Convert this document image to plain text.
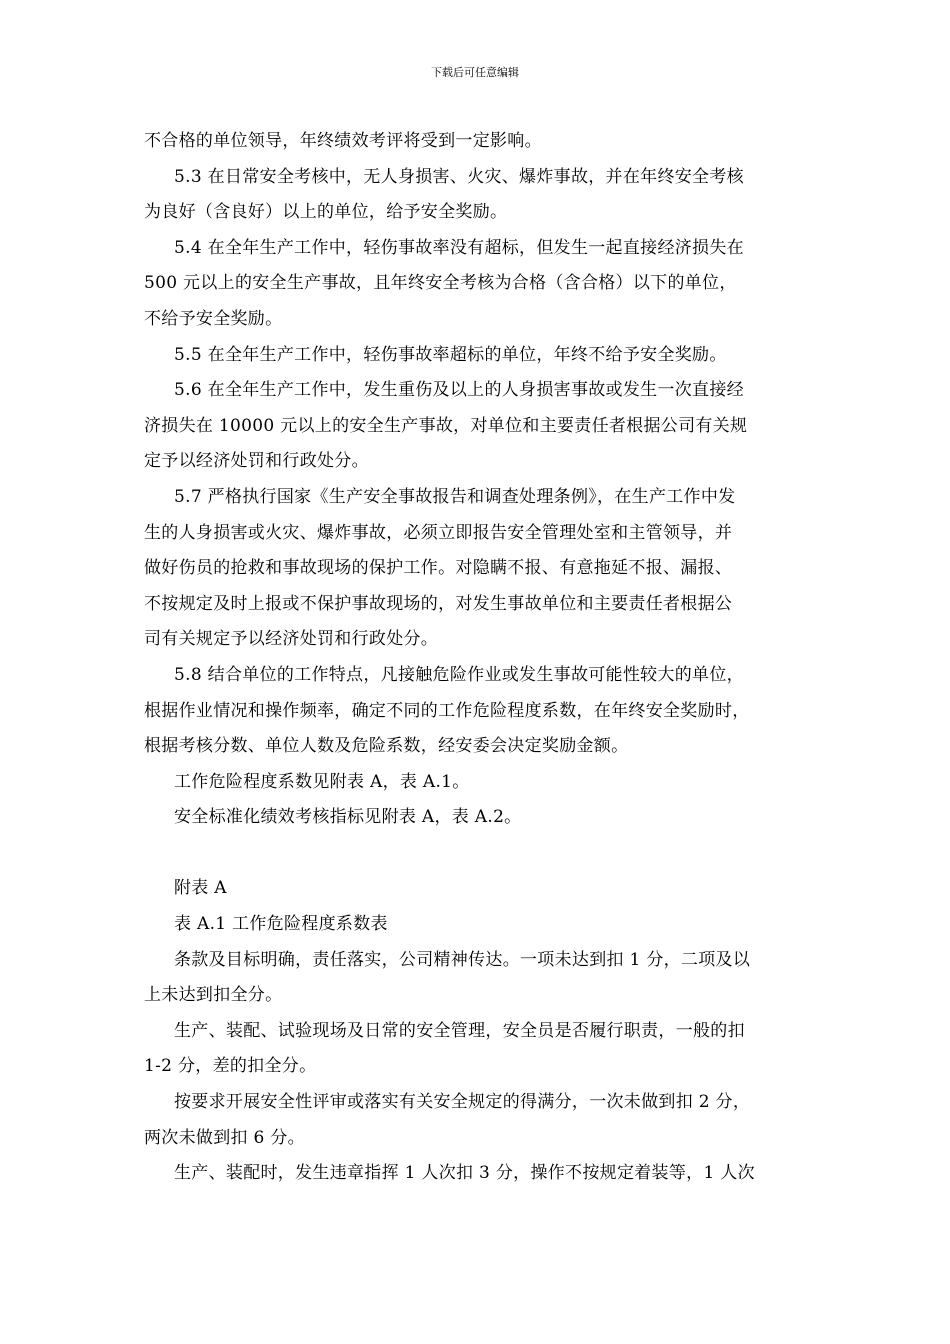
下载后可任意编辑

不合格的单位领导，年终绩效考评将受到一定影响。

5.3 在日常安全考核中，无人身损害、火灾、爆炸事故，并在年终安全考核

为良好（含良好）以上的单位，给予安全奖励。

5.4 在全年生产工作中，轻伤事故率没有超标，但发生一起直接经济损失在

500 元以上的安全生产事故，且年终安全考核为合格（含合格）以下的单位，

不给予安全奖励。

5.5 在全年生产工作中，轻伤事故率超标的单位，年终不给予安全奖励。

5.6 在全年生产工作中，发生重伤及以上的人身损害事故或发生一次直接经

济损失在 10000 元以上的安全生产事故，对单位和主要责任者根据公司有关规

定予以经济处罚和行政处分。

5.7 严格执行国家《生产安全事故报告和调查处理条例》，在生产工作中发

生的人身损害或火灾、爆炸事故，必须立即报告安全管理处室和主管领导，并

做好伤员的抢救和事故现场的保护工作。对隐瞒不报、有意拖延不报、漏报、

不按规定及时上报或不保护事故现场的，对发生事故单位和主要责任者根据公

司有关规定予以经济处罚和行政处分。

5.8 结合单位的工作特点，凡接触危险作业或发生事故可能性较大的单位，

根据作业情况和操作频率，确定不同的工作危险程度系数，在年终安全奖励时，

根据考核分数、单位人数及危险系数，经安委会决定奖励金额。

工作危险程度系数见附表 A，表 A.1。

安全标准化绩效考核指标见附表 A，表 A.2。

附表 A

表 A.1 工作危险程度系数表

条款及目标明确，责任落实，公司精神传达。一项未达到扣 1 分，二项及以

上未达到扣全分。

生产、装配、试验现场及日常的安全管理，安全员是否履行职责，一般的扣

1-2 分，差的扣全分。

按要求开展安全性评审或落实有关安全规定的得满分，一次未做到扣 2 分，

两次未做到扣 6 分。

生产、装配时，发生违章指挥 1 人次扣 3 分，操作不按规定着装等，1 人次
